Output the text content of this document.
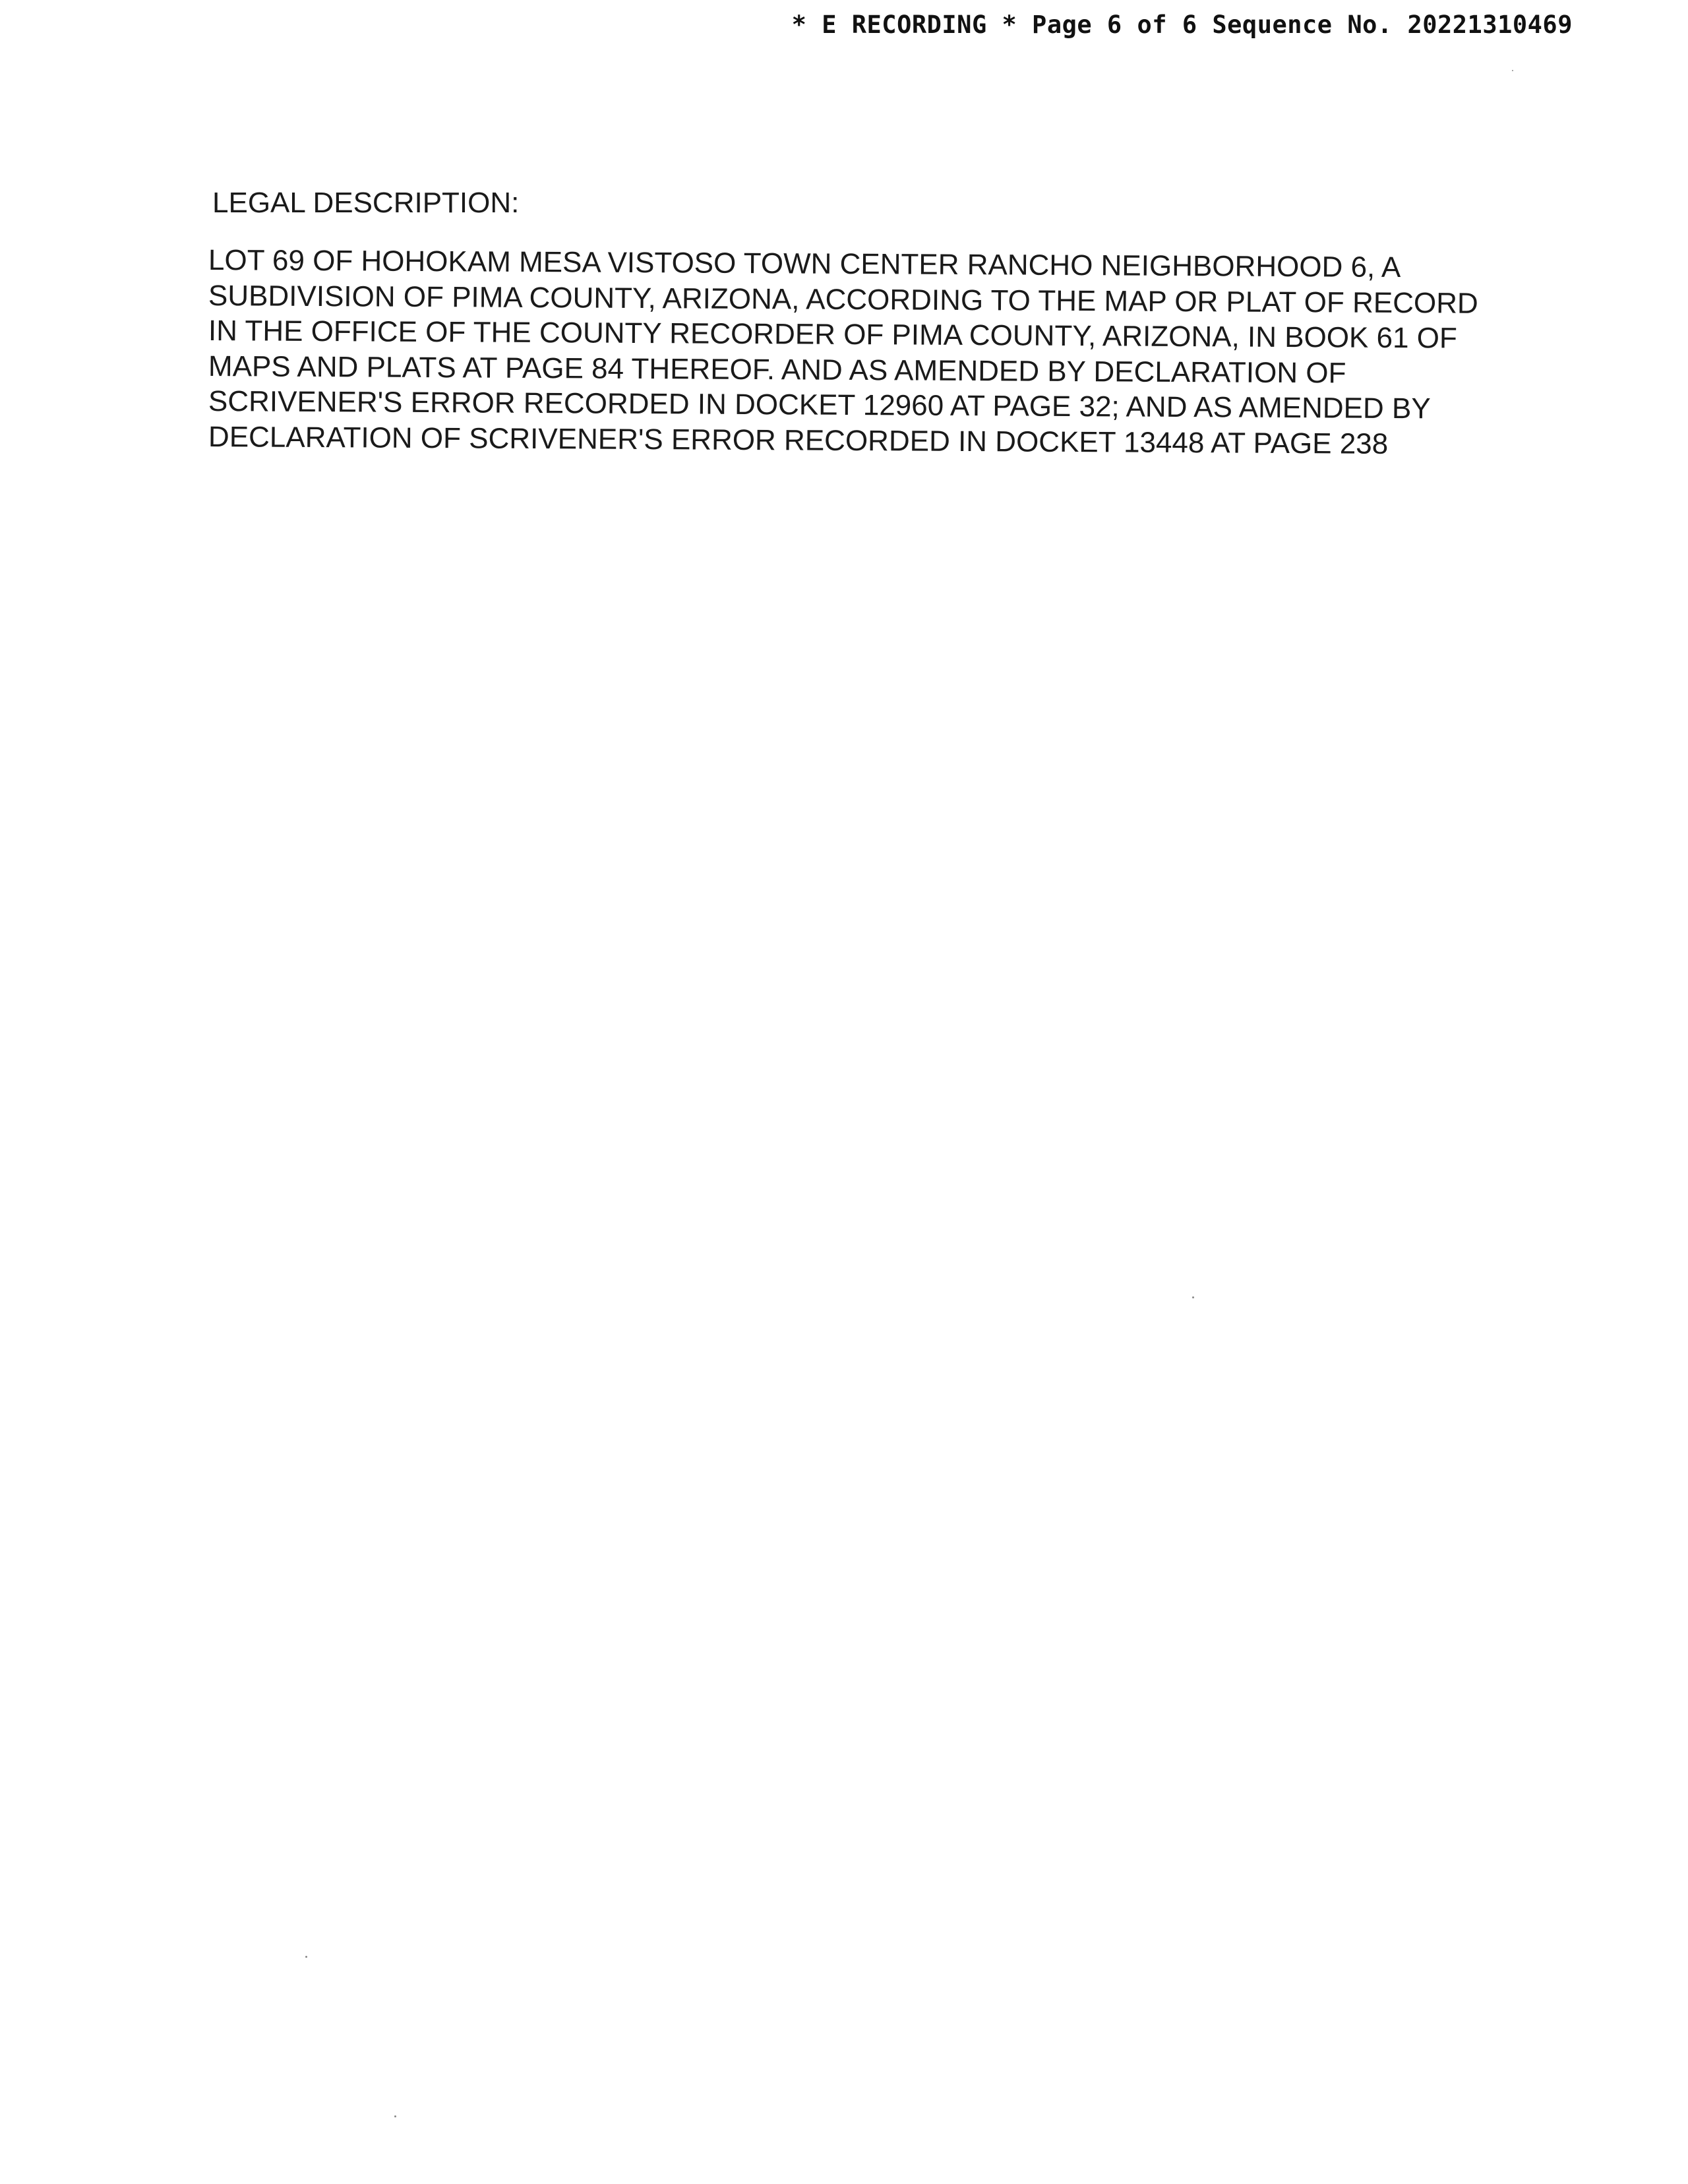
* E RECORDING * Page 6 of 6 Sequence No. 20221310469
LEGAL DESCRIPTION:
LOT 69 OF HOHOKAM MESA VISTOSO TOWN CENTER RANCHO NEIGHBORHOOD 6, A
SUBDIVISION OF PIMA COUNTY, ARIZONA, ACCORDING TO THE MAP OR PLAT OF RECORD
IN THE OFFICE OF THE COUNTY RECORDER OF PIMA COUNTY, ARIZONA, IN BOOK 61 OF
MAPS AND PLATS AT PAGE 84 THEREOF. AND AS AMENDED BY DECLARATION OF
SCRIVENER'S ERROR RECORDED IN DOCKET 12960 AT PAGE 32; AND AS AMENDED BY
DECLARATION OF SCRIVENER'S ERROR RECORDED IN DOCKET 13448 AT PAGE 238
